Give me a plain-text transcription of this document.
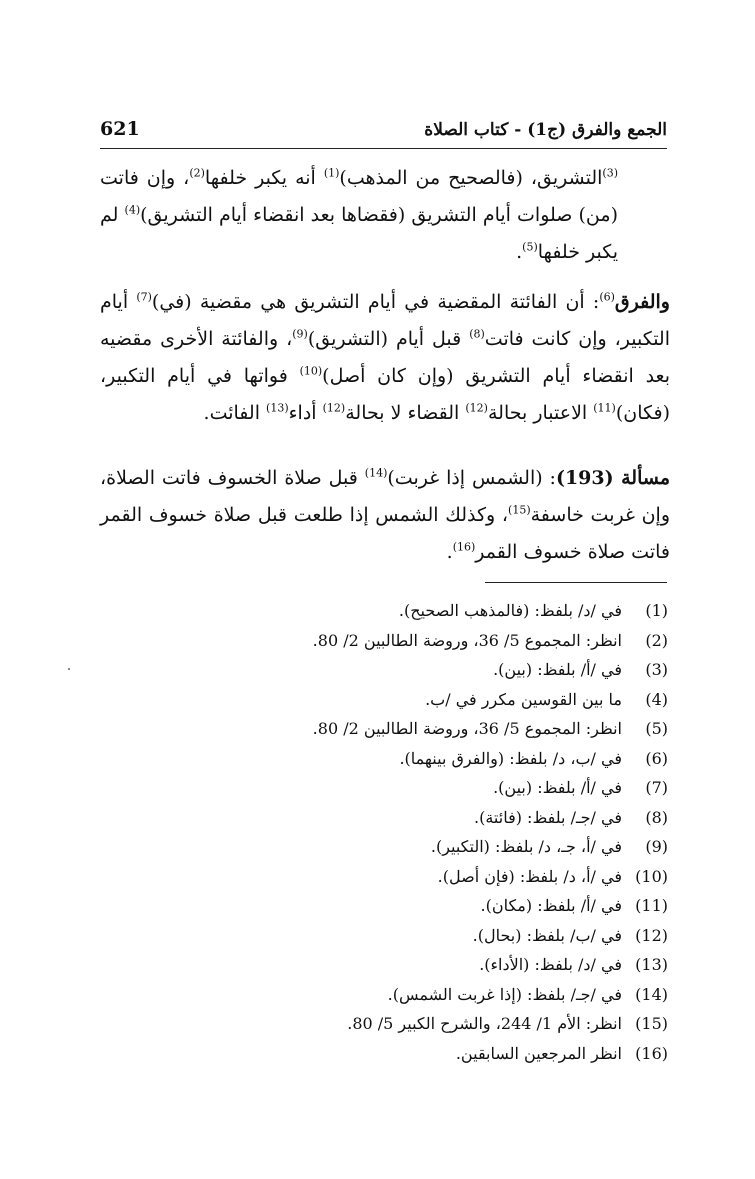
الجمع والفرق (ج1) - كتاب الصلاة
621
$^{(3)}$التشريق، (فالصحيح من المذهب)$^{(1)}$ أنه يكبر خلفها$^{(2)}$، وإن فاتت (من) صلوات أيام التشريق (فقضاها بعد انقضاء أيام التشريق)$^{(4)}$ لم يكبر خلفها$^{(5)}$.
والفرق$^{(6)}$: أن الفائتة المقضية في أيام التشريق هي مقضية (في)$^{(7)}$ أيام التكبير، وإن كانت فاتت$^{(8)}$ قبل أيام (التشريق)$^{(9)}$، والفائتة الأخرى مقضيه بعد انقضاء أيام التشريق (وإن كان أصل)$^{(10)}$ فواتها في أيام التكبير، (فكان)$^{(11)}$ الاعتبار بحالة$^{(12)}$ القضاء لا بحالة$^{(12)}$ أداء$^{(13)}$ الفائت.
مسألة (193): (الشمس إذا غربت)$^{(14)}$ قبل صلاة الخسوف فاتت الصلاة، وإن غربت خاسفة$^{(15)}$، وكذلك الشمس إذا طلعت قبل صلاة خسوف القمر فاتت صلاة خسوف القمر$^{(16)}$.
(1)في /د/ بلفظ: (فالمذهب الصحيح).
(2)انظر: المجموع 5/ 36، وروضة الطالبين 2/ 80.
(3)في /أ/ بلفظ: (بين).
(4)ما بين القوسين مكرر في /ب.
(5)انظر: المجموع 5/ 36، وروضة الطالبين 2/ 80.
(6)في /ب، د/ بلفظ: (والفرق بينهما).
(7)في /أ/ بلفظ: (بين).
(8)في /جـ/ بلفظ: (فائتة).
(9)في /أ، جـ، د/ بلفظ: (التكبير).
(10)في /أ، د/ بلفظ: (فإن أصل).
(11)في /أ/ بلفظ: (مكان).
(12)في /ب/ بلفظ: (بحال).
(13)في /د/ بلفظ: (الأداء).
(14)في /جـ/ بلفظ: (إذا غربت الشمس).
(15)انظر: الأم 1/ 244، والشرح الكبير 5/ 80.
(16)انظر المرجعين السابقين.
